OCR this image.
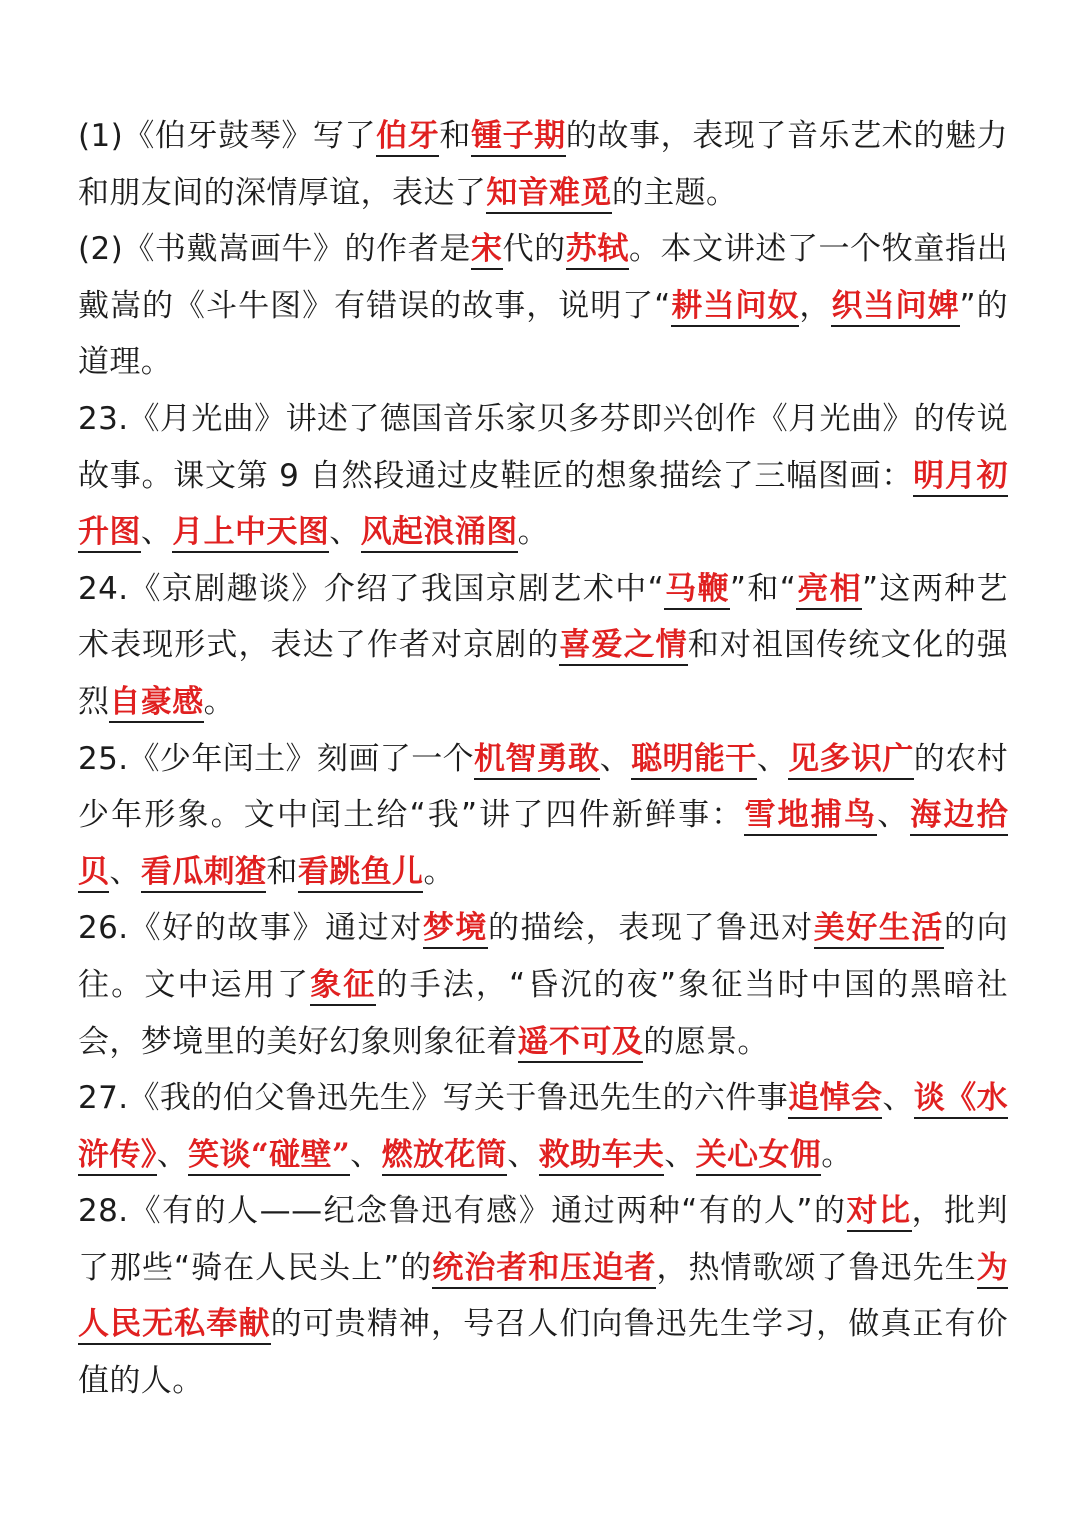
(1)《伯牙鼓琴》写了伯牙和锺子期的故事，表现了音乐艺术的魅力和朋友间的深情厚谊，表达了知音难觅的主题。

(2)《书戴嵩画牛》的作者是宋代的苏轼。本文讲述了一个牧童指出戴嵩的《斗牛图》有错误的故事，说明了“耕当问奴，织当问婢”的道理。

23.《月光曲》讲述了德国音乐家贝多芬即兴创作《月光曲》的传说故事。课文第 9 自然段通过皮鞋匠的想象描绘了三幅图画：明月初升图、月上中天图、风起浪涌图。

24.《京剧趣谈》介绍了我国京剧艺术中“马鞭”和“亮相”这两种艺术表现形式，表达了作者对京剧的喜爱之情和对祖国传统文化的强烈自豪感。

25.《少年闰土》刻画了一个机智勇敢、聪明能干、见多识广的农村少年形象。文中闰土给“我”讲了四件新鲜事：雪地捕鸟、海边拾贝、看瓜刺猹和看跳鱼儿。

26.《好的故事》通过对梦境的描绘，表现了鲁迅对美好生活的向往。文中运用了象征的手法，“昏沉的夜”象征当时中国的黑暗社会，梦境里的美好幻象则象征着遥不可及的愿景。

27.《我的伯父鲁迅先生》写关于鲁迅先生的六件事追悼会、谈《水浒传》、笑谈“碰壁”、燃放花筒、救助车夫、关心女佣。

28.《有的人——纪念鲁迅有感》通过两种“有的人”的对比，批判了那些“骑在人民头上”的统治者和压迫者，热情歌颂了鲁迅先生为人民无私奉献的可贵精神，号召人们向鲁迅先生学习，做真正有价值的人。
